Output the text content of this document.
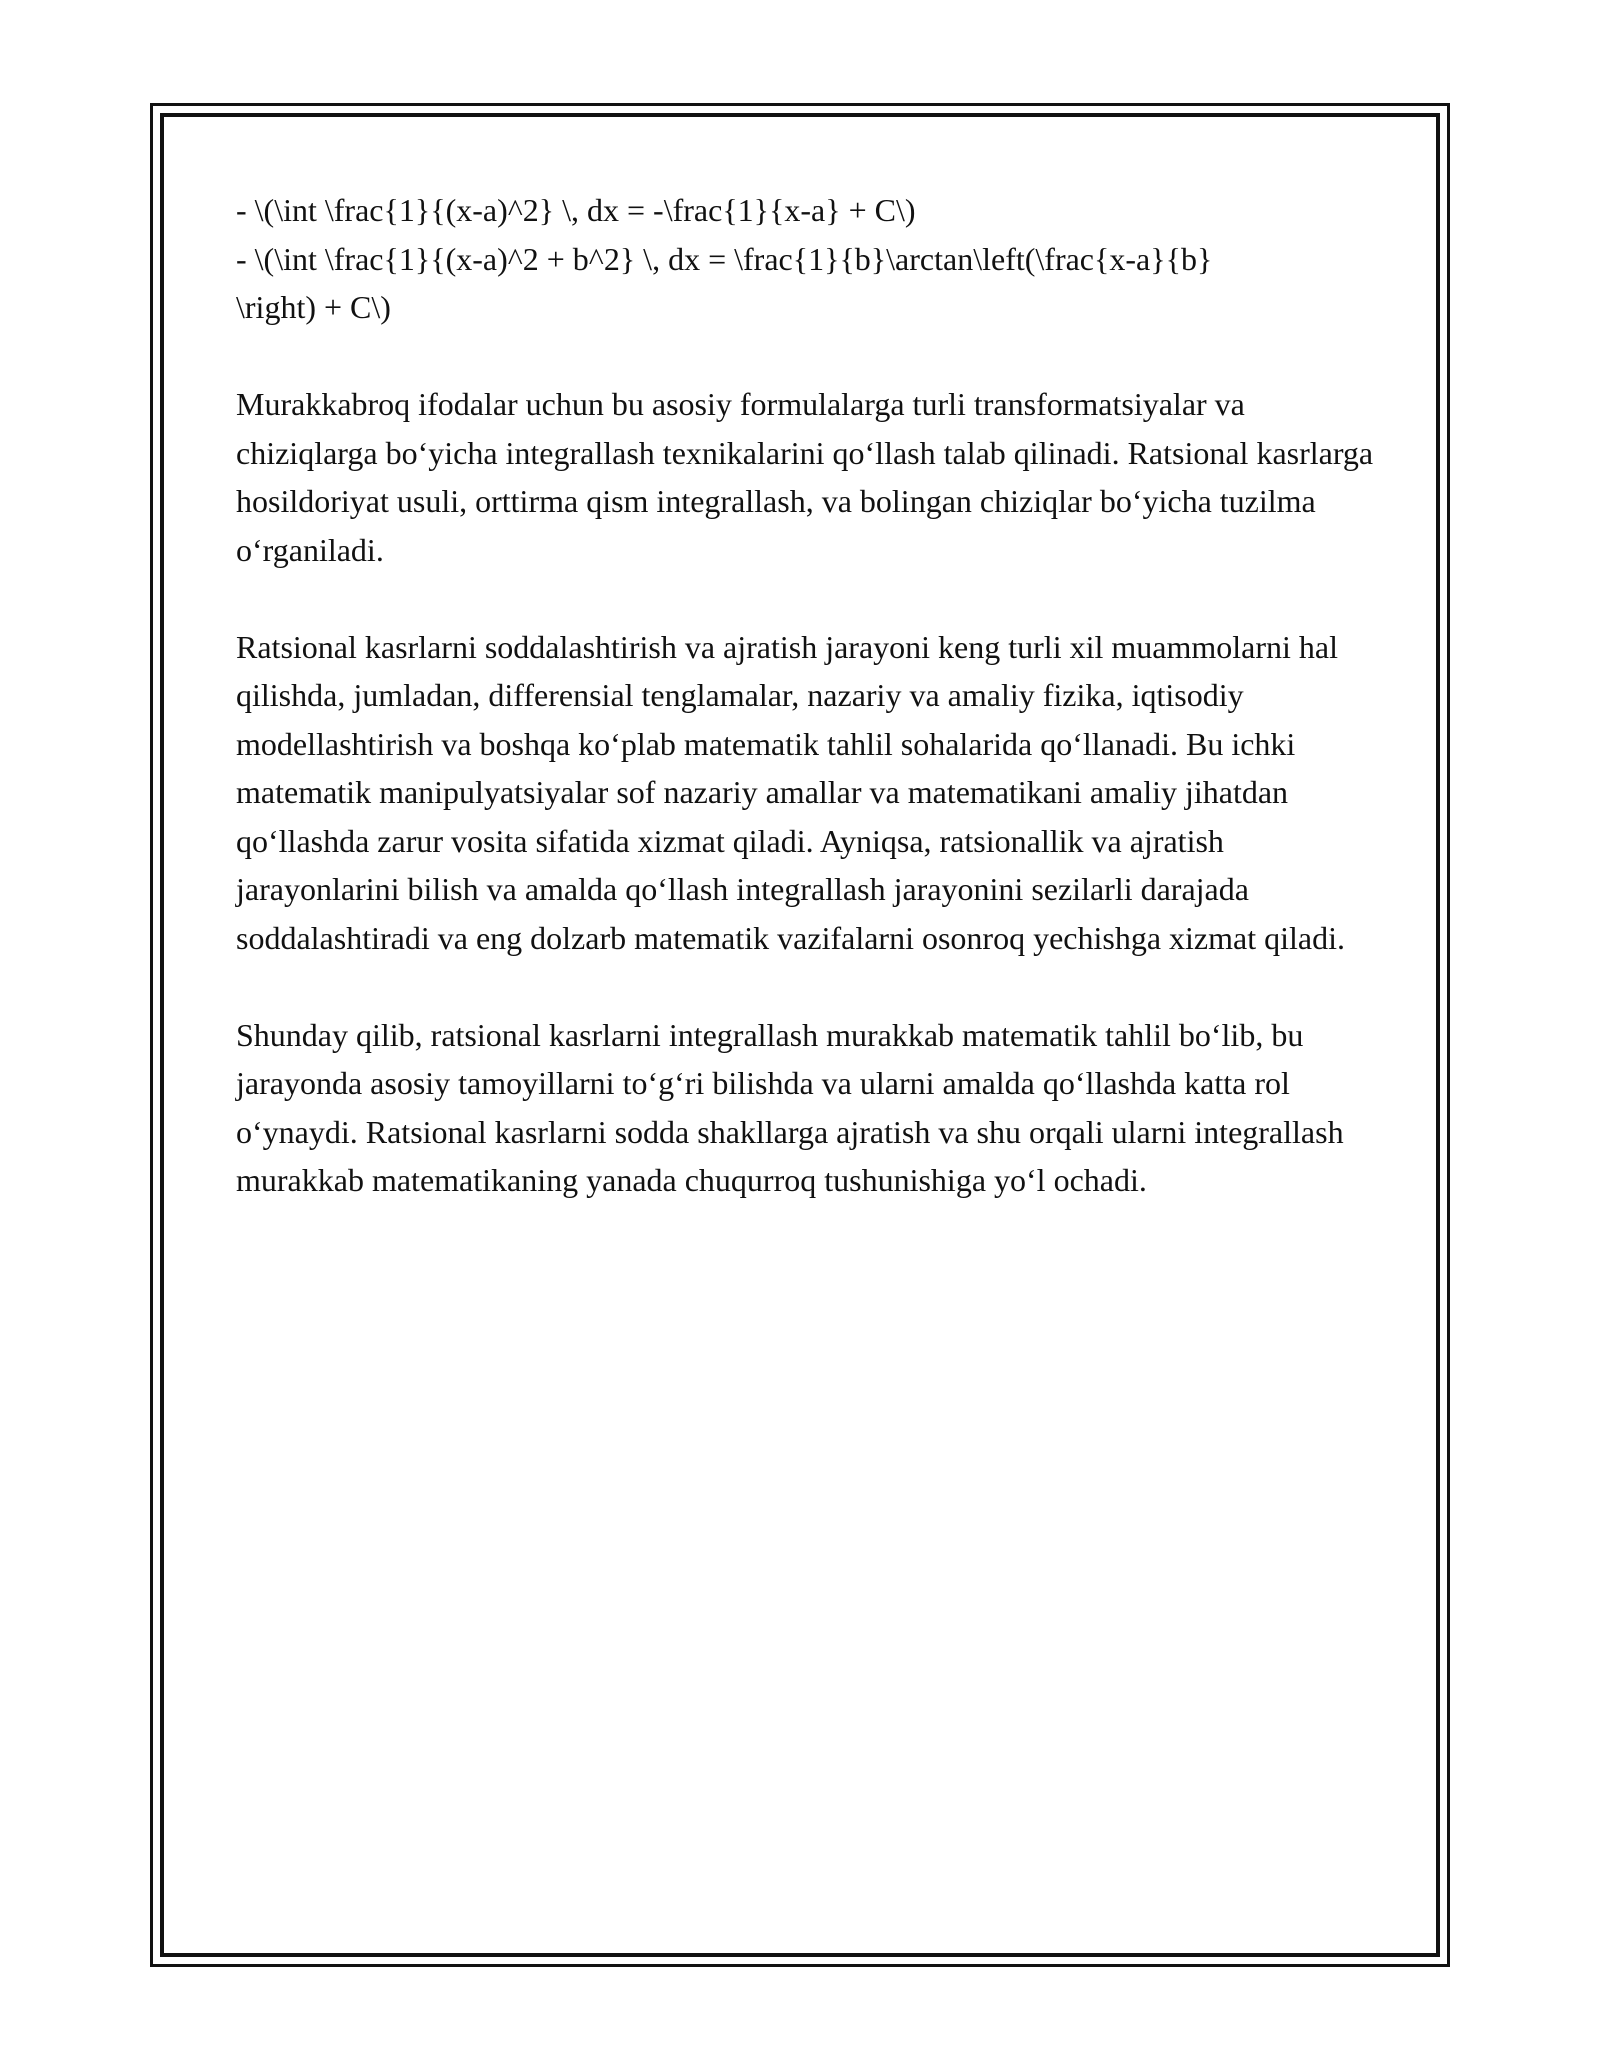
- \(\int \frac{1}{(x-a)^2} \, dx = -\frac{1}{x-a} + C\)

- \(\int \frac{1}{(x-a)^2 + b^2} \, dx = \frac{1}{b}\arctan\left(\frac{x-a}{b}
\right) + C\)

Murakkabroq ifodalar uchun bu asosiy formulalarga turli transformatsiyalar va chiziqlarga boʻyicha integrallash texnikalarini qoʻllash talab qilinadi. Ratsional kasrlarga hosildoriyat usuli, orttirma qism integrallash, va bolingan chiziqlar boʻyicha tuzilma oʻrganiladi.

Ratsional kasrlarni soddalashtirish va ajratish jarayoni keng turli xil muammolarni hal qilishda, jumladan, differensial tenglamalar, nazariy va amaliy fizika, iqtisodiy modellashtirish va boshqa koʻplab matematik tahlil sohalarida qoʻllanadi. Bu ichki matematik manipulyatsiyalar sof nazariy amallar va matematikani amaliy jihatdan qoʻllashda zarur vosita sifatida xizmat qiladi. Ayniqsa, ratsionallik va ajratish jarayonlarini bilish va amalda qoʻllash integrallash jarayonini sezilarli darajada soddalashtiradi va eng dolzarb matematik vazifalarni osonroq yechishga xizmat qiladi.

Shunday qilib, ratsional kasrlarni integrallash murakkab matematik tahlil boʻlib, bu jarayonda asosiy tamoyillarni toʻgʻri bilishda va ularni amalda qoʻllashda katta rol oʻynaydi. Ratsional kasrlarni sodda shakllarga ajratish va shu orqali ularni integrallash murakkab matematikaning yanada chuqurroq tushunishiga yoʻl ochadi.
